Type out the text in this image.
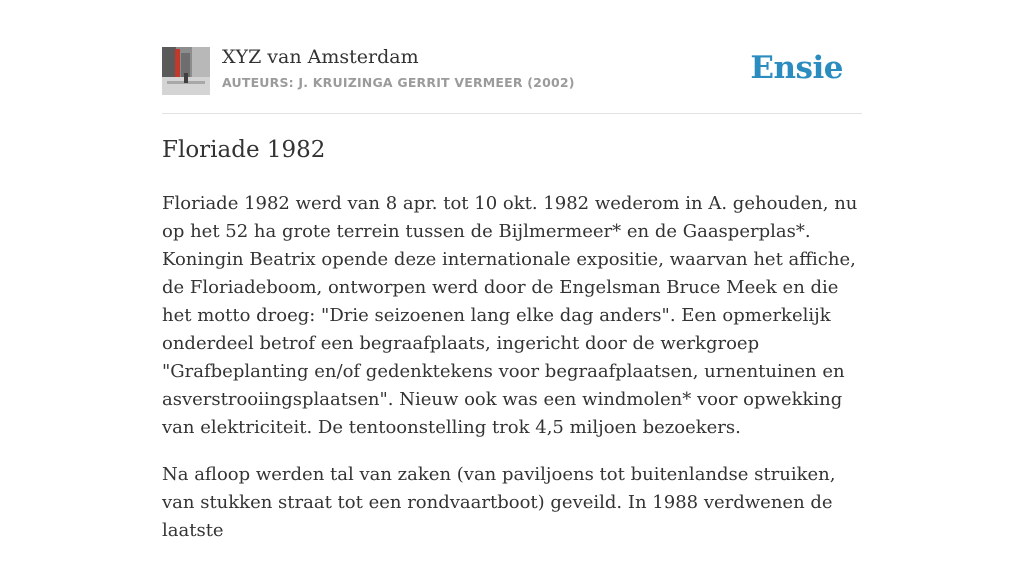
XYZ van Amsterdam
AUTEURS: J. KRUIZINGA GERRIT VERMEER (2002)	Ensie
Floriade 1982

Floriade 1982 werd van 8 apr. tot 10 okt. 1982 wederom in A. gehouden, nu op het 52 ha grote terrein tussen de Bijlmermeer* en de Gaasperplas*. Koningin Beatrix opende deze internationale expositie, waarvan het affiche, de Floriadeboom, ontworpen werd door de Engelsman Bruce Meek en die het motto droeg: "Drie seizoenen lang elke dag anders". Een opmerkelijk onderdeel betrof een begraafplaats, ingericht door de werkgroep "Grafbeplanting en/of gedenktekens voor begraafplaatsen, urnentuinen en asverstrooiingsplaatsen". Nieuw ook was een windmolen* voor opwekking van elektriciteit. De tentoonstelling trok 4,5 miljoen bezoekers.

Na afloop werden tal van zaken (van paviljoens tot buitenlandse struiken, van stukken straat tot een rondvaartboot) geveild. In 1988 verdwenen de laatste
